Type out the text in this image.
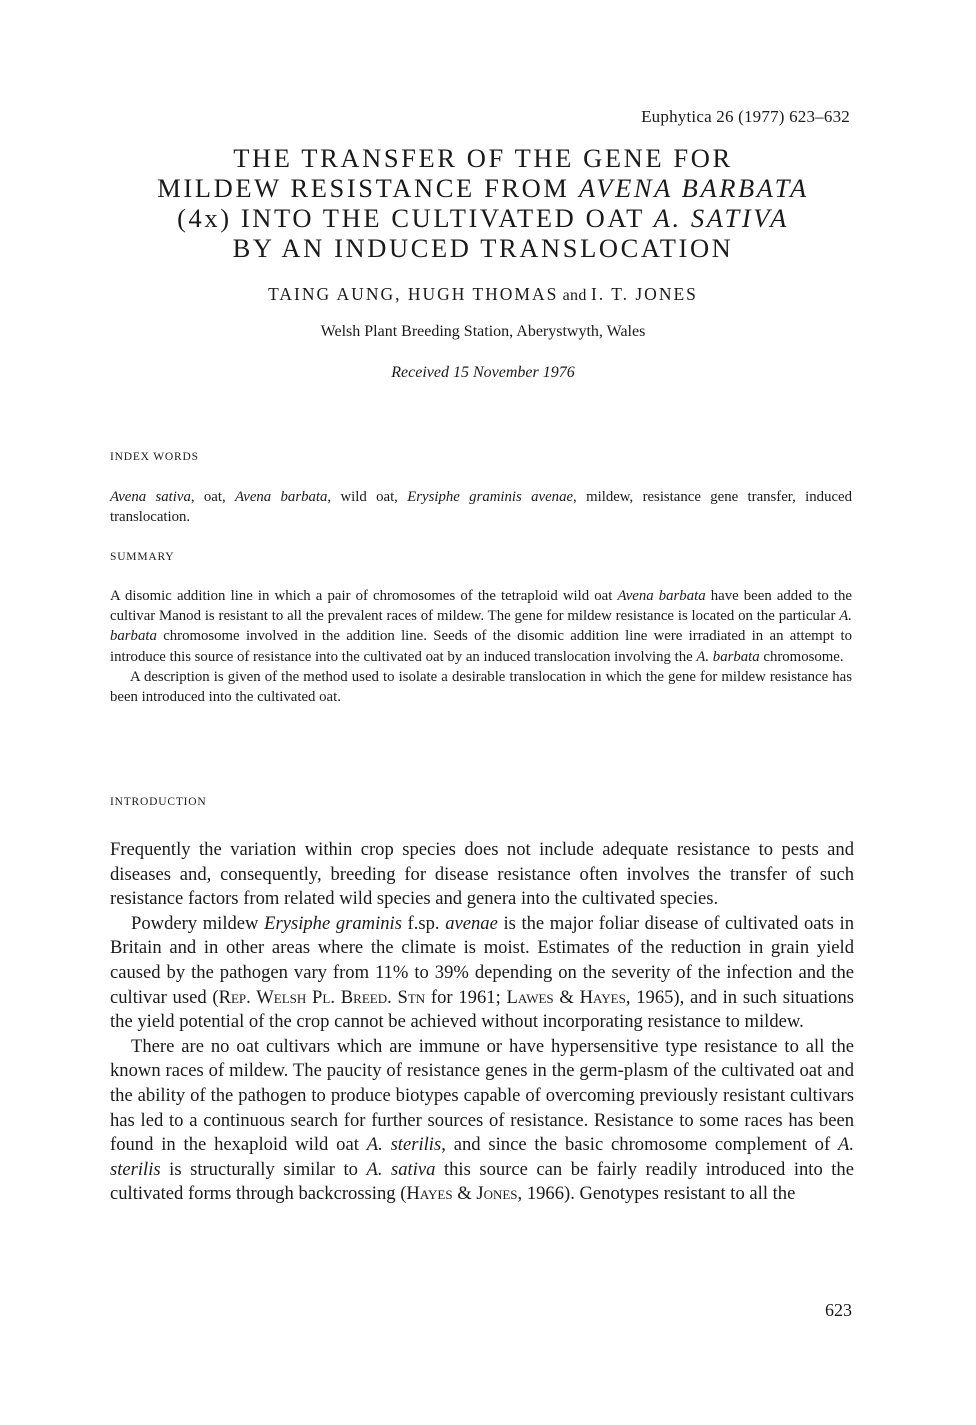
Euphytica 26 (1977) 623–632
THE TRANSFER OF THE GENE FOR
MILDEW RESISTANCE FROM AVENA BARBATA
(4x) INTO THE CULTIVATED OAT A. SATIVA
BY AN INDUCED TRANSLOCATION
TAING AUNG, HUGH THOMAS and I. T. JONES
Welsh Plant Breeding Station, Aberystwyth, Wales
Received 15 November 1976
INDEX WORDS

Avena sativa, oat, Avena barbata, wild oat, Erysiphe graminis avenae, mildew, resistance gene transfer, induced translocation.

SUMMARY

A disomic addition line in which a pair of chromosomes of the tetraploid wild oat Avena barbata have been added to the cultivar Manod is resistant to all the prevalent races of mildew. The gene for mildew resistance is located on the particular A. barbata chromosome involved in the addition line. Seeds of the disomic addition line were irradiated in an attempt to introduce this source of resistance into the cultivated oat by an induced translocation involving the A. barbata chromosome.

A description is given of the method used to isolate a desirable translocation in which the gene for mildew resistance has been introduced into the cultivated oat.

INTRODUCTION

Frequently the variation within crop species does not include adequate resistance to pests and diseases and, consequently, breeding for disease resistance often involves the transfer of such resistance factors from related wild species and genera into the cultivated species.

Powdery mildew Erysiphe graminis f.sp. avenae is the major foliar disease of cultivated oats in Britain and in other areas where the climate is moist. Estimates of the reduction in grain yield caused by the pathogen vary from 11% to 39% depending on the severity of the infection and the cultivar used (Rep. Welsh Pl. Breed. Stn for 1961; Lawes & Hayes, 1965), and in such situations the yield potential of the crop cannot be achieved without incorporating resistance to mildew.

There are no oat cultivars which are immune or have hypersensitive type resistance to all the known races of mildew. The paucity of resistance genes in the germ-plasm of the cultivated oat and the ability of the pathogen to produce biotypes capable of overcoming previously resistant cultivars has led to a continuous search for further sources of resistance. Resistance to some races has been found in the hexaploid wild oat A. sterilis, and since the basic chromosome complement of A. sterilis is structurally similar to A. sativa this source can be fairly readily introduced into the cultivated forms through backcrossing (Hayes & Jones, 1966). Genotypes resistant to all the

623
